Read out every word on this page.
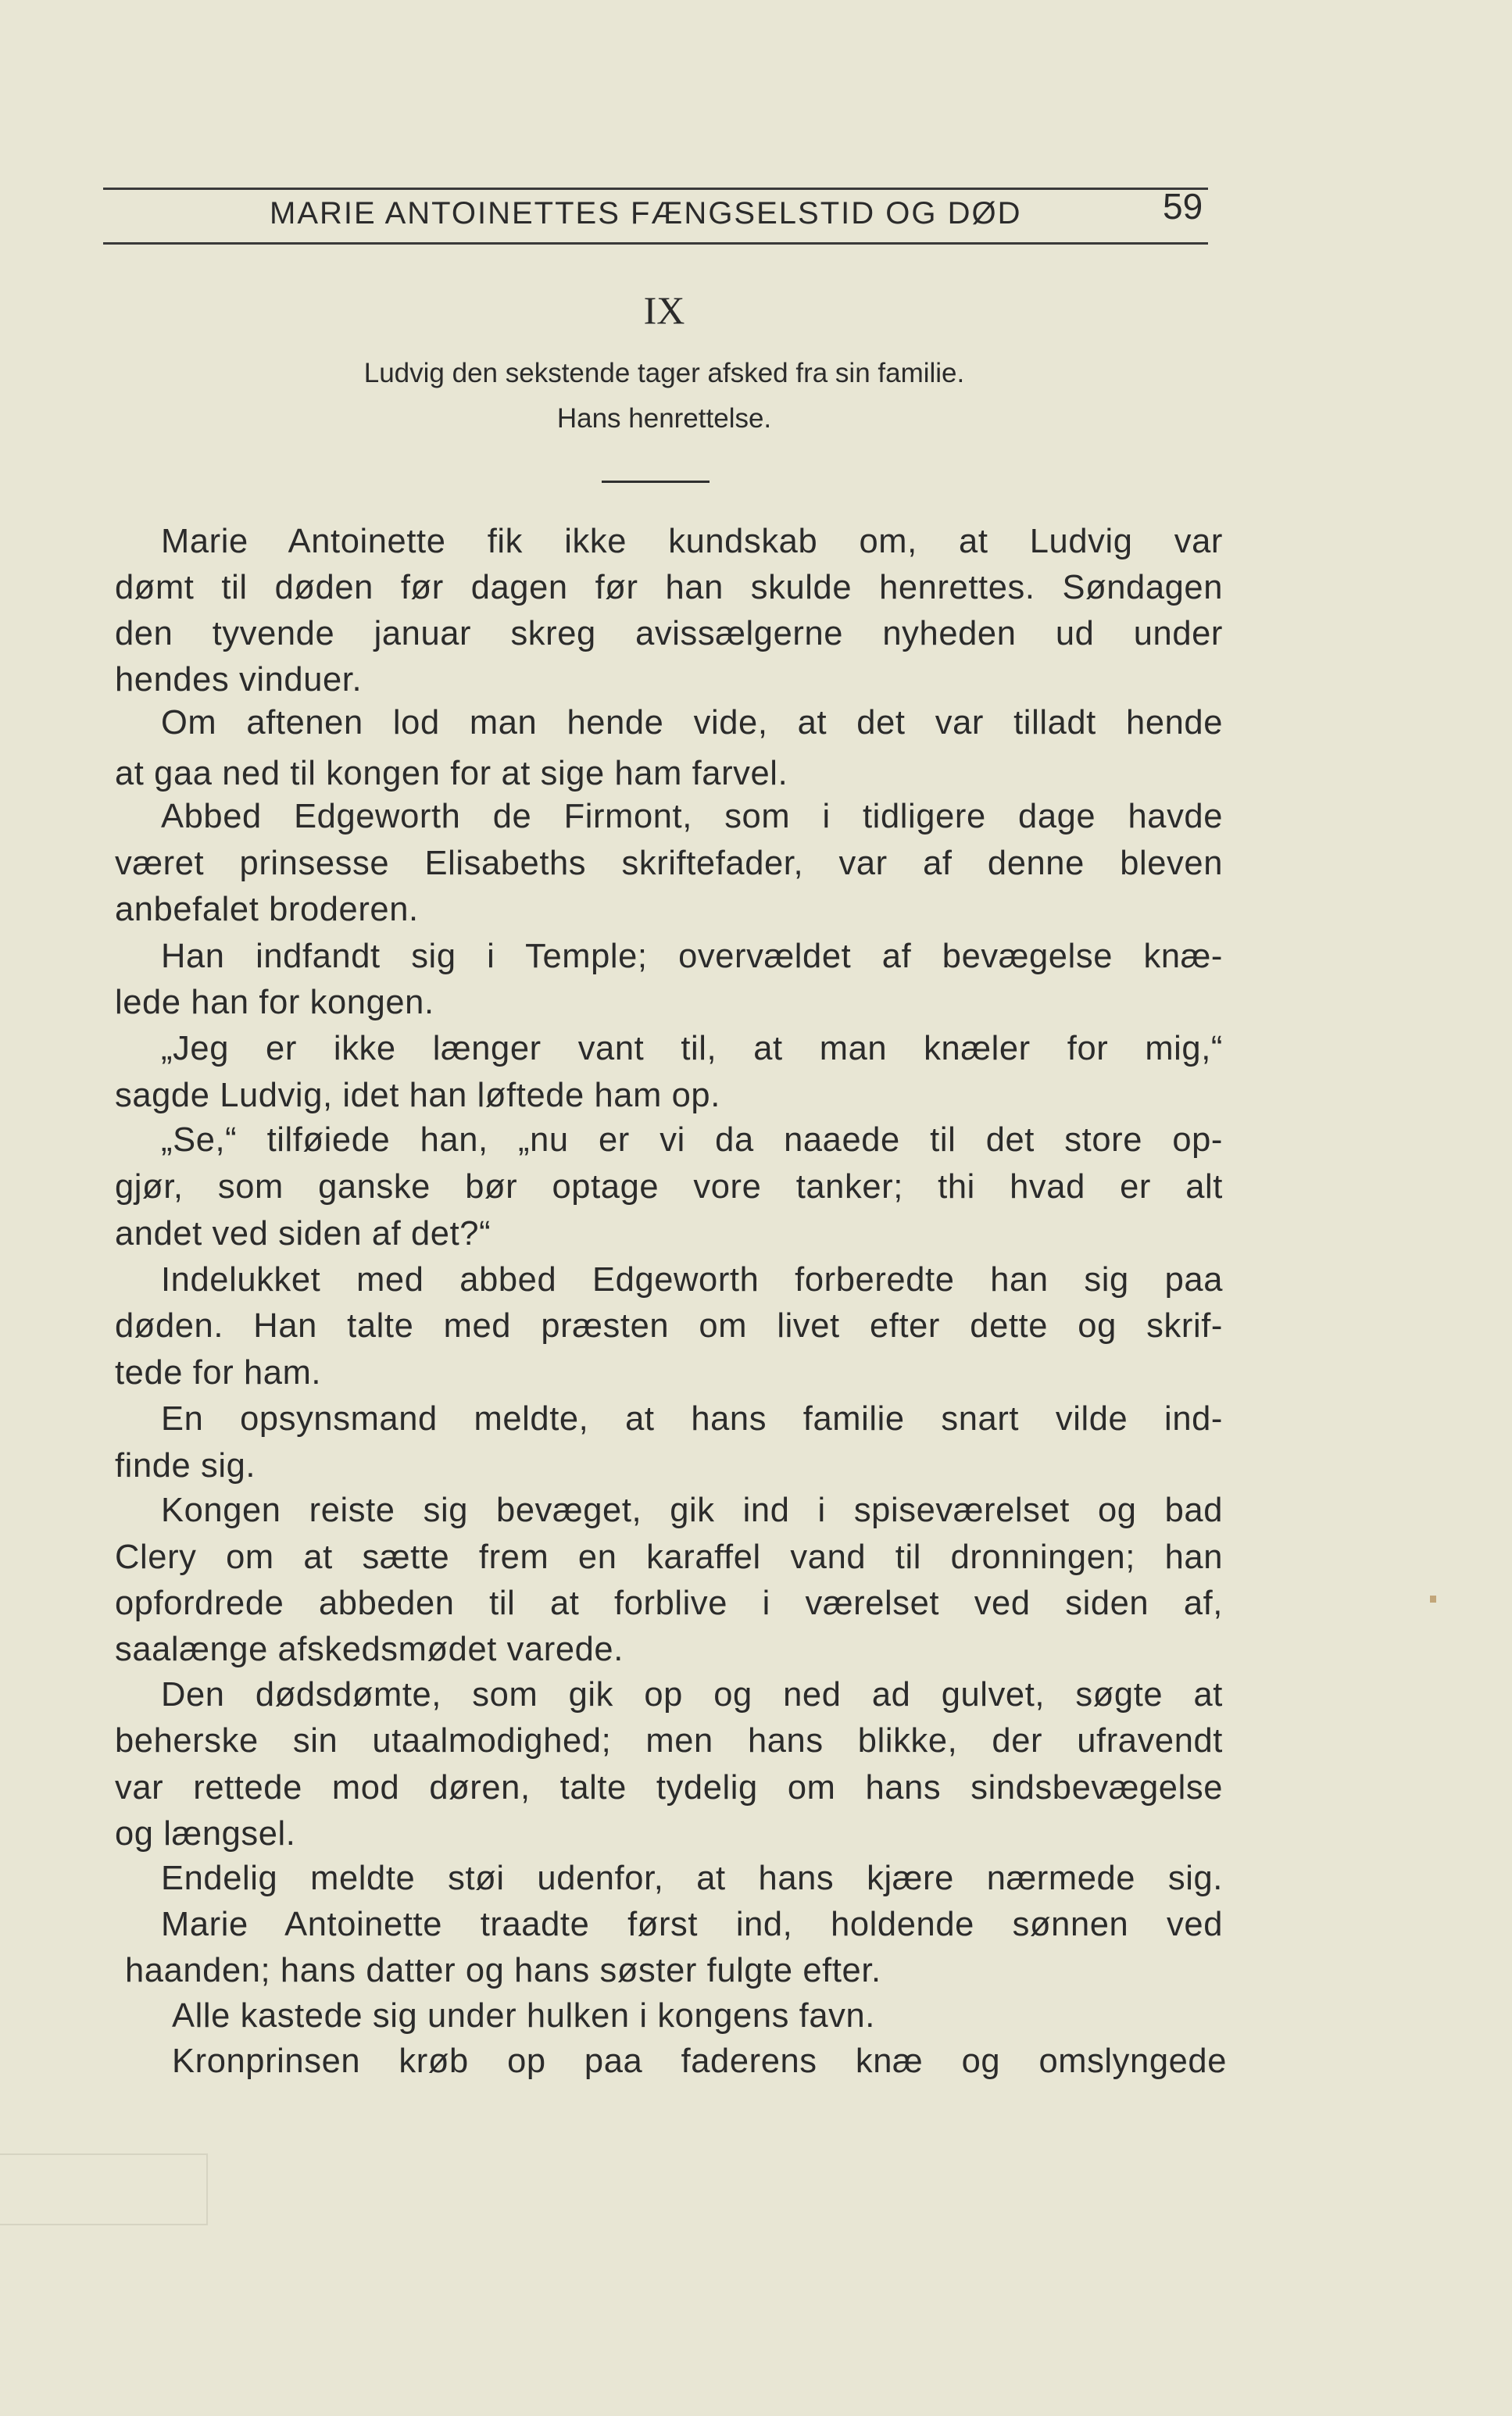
MARIE ANTOINETTES FÆNGSELSTID OG DØD	59
IX
Ludvig den sekstende tager afsked fra sin familie.
Hans henrettelse.
Marie Antoinette fik ikke kundskab om, at Ludvig var
dømt til døden før dagen før han skulde henrettes. Søndagen
den tyvende januar skreg avissælgerne nyheden ud under
hendes vinduer.
Om aftenen lod man hende vide, at det var tilladt hende
at gaa ned til kongen for at sige ham farvel.
Abbed Edgeworth de Firmont, som i tidligere dage havde
været prinsesse Elisabeths skriftefader, var af denne bleven
anbefalet broderen.
Han indfandt sig i Temple; overvældet af bevægelse knæ-
lede han for kongen.
„Jeg er ikke længer vant til, at man knæler for mig,“
sagde Ludvig, idet han løftede ham op.
„Se,“ tilføiede han, „nu er vi da naaede til det store op-
gjør, som ganske bør optage vore tanker; thi hvad er alt
andet ved siden af det?“
Indelukket med abbed Edgeworth forberedte han sig paa
døden. Han talte med præsten om livet efter dette og skrif-
tede for ham.
En opsynsmand meldte, at hans familie snart vilde ind-
finde sig.
Kongen reiste sig bevæget, gik ind i spiseværelset og bad
Clery om at sætte frem en karaffel vand til dronningen; han
opfordrede abbeden til at forblive i værelset ved siden af,
saalænge afskedsmødet varede.
Den dødsdømte, som gik op og ned ad gulvet, søgte at
beherske sin utaalmodighed; men hans blikke, der ufravendt
var rettede mod døren, talte tydelig om hans sindsbevægelse
og længsel.
Endelig meldte støi udenfor, at hans kjære nærmede sig.
Marie Antoinette traadte først ind, holdende sønnen ved
haanden; hans datter og hans søster fulgte efter.
Alle kastede sig under hulken i kongens favn.
Kronprinsen krøb op paa faderens knæ og omslyngede
